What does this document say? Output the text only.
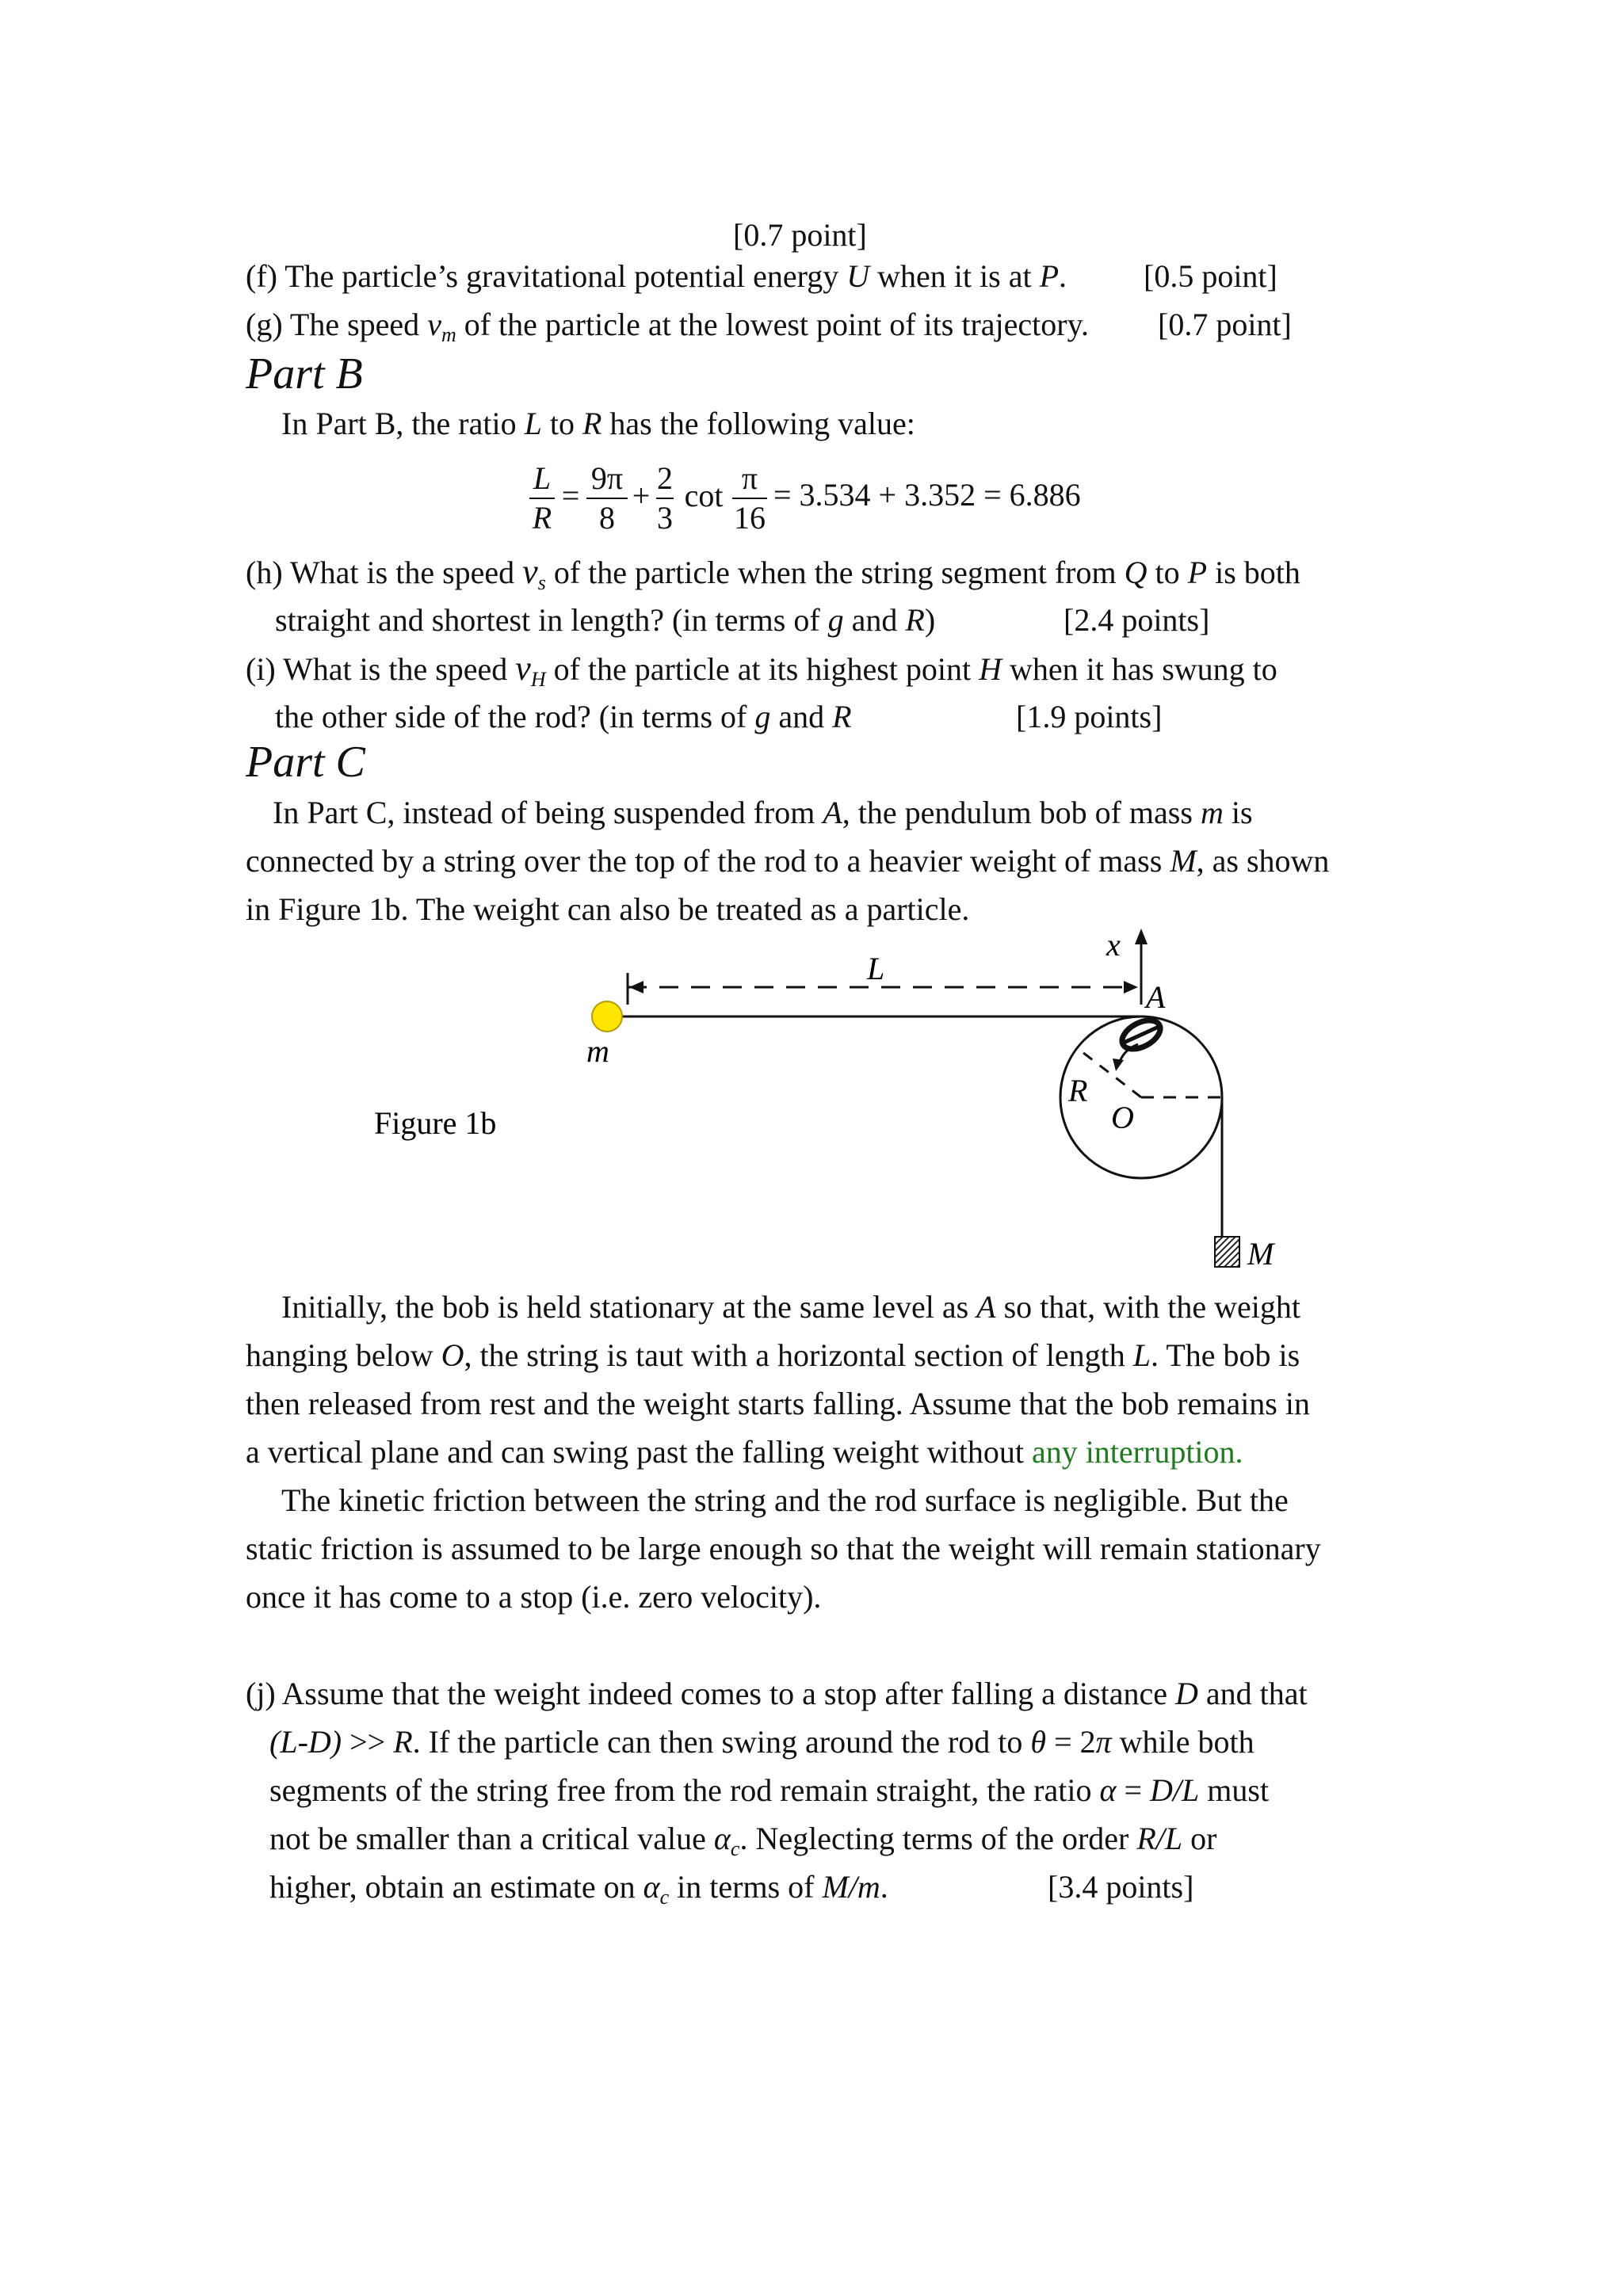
[0.7 point]
(f) The particle’s gravitational potential energy U when it is at P. [0.5 point]
(g) The speed $v_m$ of the particle at the lowest point of its trajectory. [0.7 point]
Part B
In Part B, the ratio L to R has the following value:
L
R
= 9π
8
+ 2
3
cot π
16
= 3.534 + 3.352 = 6.886
(h) What is the speed $\nu_s$ of the particle when the string segment from Q to P is both
straight and shortest in length? (in terms of g and R)	[2.4 points]
(i) What is the speed $\nu_H$ of the particle at its highest point H when it has swung to
the other side of the rod? (in terms of g and R	[1.9 points]
Part C
In Part C, instead of being suspended from A, the pendulum bob of mass m is
connected by a string over the top of the rod to a heavier weight of mass M, as shown
in Figure 1b. The weight can also be treated as a particle.
x
L
A
m
R
O
M
Figure 1b
Initially, the bob is held stationary at the same level as A so that, with the weight
hanging below O, the string is taut with a horizontal section of length L. The bob is
then released from rest and the weight starts falling. Assume that the bob remains in
a vertical plane and can swing past the falling weight without any interruption.
The kinetic friction between the string and the rod surface is negligible. But the
static friction is assumed to be large enough so that the weight will remain stationary
once it has come to a stop (i.e. zero velocity).
(j) Assume that the weight indeed comes to a stop after falling a distance D and that
(L-D) >> R. If the particle can then swing around the rod to θ = 2π while both
segments of the string free from the rod remain straight, the ratio α = D/L must
not be smaller than a critical value $\alpha_c$. Neglecting terms of the order R/L or
higher, obtain an estimate on $\alpha_c$ in terms of M/m.	[3.4 points]
